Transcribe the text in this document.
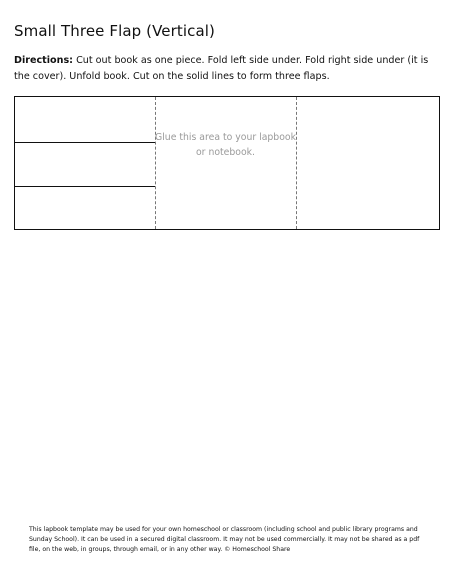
Small Three Flap (Vertical)
Directions: Cut out book as one piece. Fold left side under. Fold right side under (it is the cover). Unfold book. Cut on the solid lines to form three flaps.
Glue this area to your lapbook or notebook.
This lapbook template may be used for your own homeschool or classroom (including school and public library programs and Sunday School). It can be used in a secured digital classroom. It may not be used commercially. It may not be shared as a pdf file, on the web, in groups, through email, or in any other way. © Homeschool Share
